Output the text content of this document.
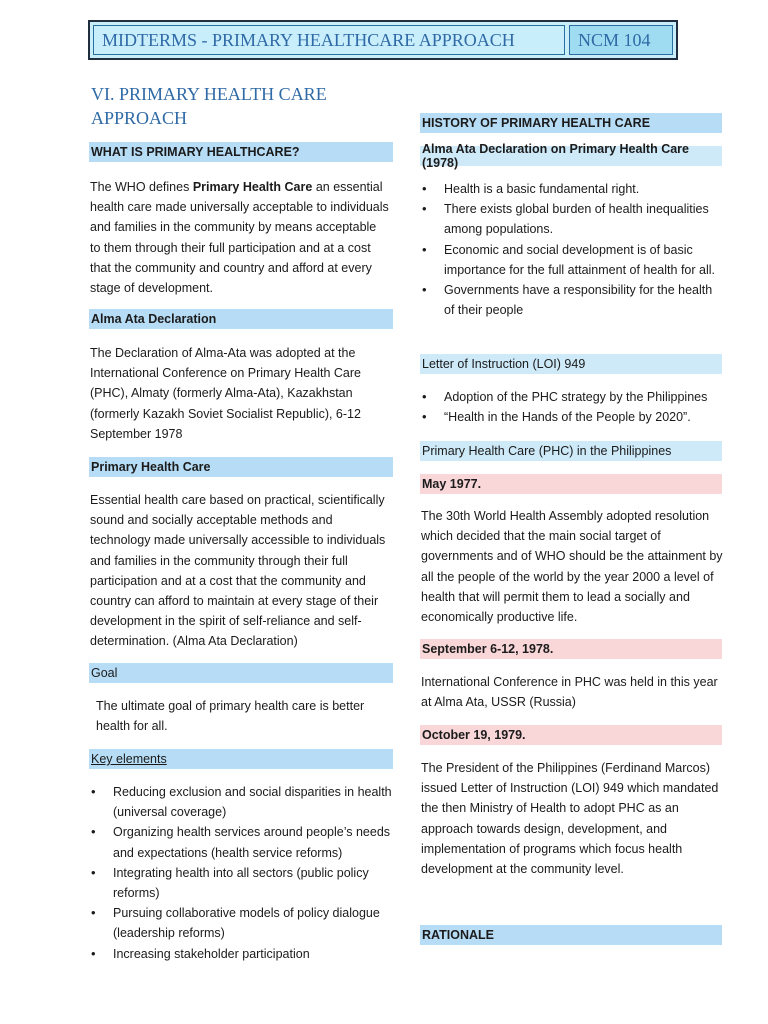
MIDTERMS - PRIMARY HEALTHCARE APPROACH	NCM 104
VI. PRIMARY HEALTH CARE APPROACH
WHAT IS PRIMARY HEALTHCARE?
The WHO defines Primary Health Care an essential health care made universally acceptable to individuals and families in the community by means acceptable to them through their full participation and at a cost that the community and country and afford at every stage of development.
Alma Ata Declaration
The Declaration of Alma-Ata was adopted at the International Conference on Primary Health Care (PHC), Almaty (formerly Alma-Ata), Kazakhstan (formerly Kazakh Soviet Socialist Republic), 6-12 September 1978
Primary Health Care
Essential health care based on practical, scientifically sound and socially acceptable methods and technology made universally accessible to individuals and families in the community through their full participation and at a cost that the community and country can afford to maintain at every stage of their development in the spirit of self-reliance and self-determination. (Alma Ata Declaration)
Goal
The ultimate goal of primary health care is better health for all.
Key elements
• Reducing exclusion and social disparities in health (universal coverage)
• Organizing health services around people’s needs and expectations (health service reforms)
• Integrating health into all sectors (public policy reforms)
• Pursuing collaborative models of policy dialogue (leadership reforms)
• Increasing stakeholder participation
HISTORY OF PRIMARY HEALTH CARE
Alma Ata Declaration on Primary Health Care (1978)
• Health is a basic fundamental right.
• There exists global burden of health inequalities among populations.
• Economic and social development is of basic importance for the full attainment of health for all.
• Governments have a responsibility for the health of their people
Letter of Instruction (LOI) 949
• Adoption of the PHC strategy by the Philippines
• “Health in the Hands of the People by 2020”.
Primary Health Care (PHC) in the Philippines
May 1977.
The 30th World Health Assembly adopted resolution which decided that the main social target of governments and of WHO should be the attainment by all the people of the world by the year 2000 a level of health that will permit them to lead a socially and economically productive life.
September 6-12, 1978.
International Conference in PHC was held in this year at Alma Ata, USSR (Russia)
October 19, 1979.
The President of the Philippines (Ferdinand Marcos) issued Letter of Instruction (LOI) 949 which mandated the then Ministry of Health to adopt PHC as an approach towards design, development, and implementation of programs which focus health development at the community level.
RATIONALE
